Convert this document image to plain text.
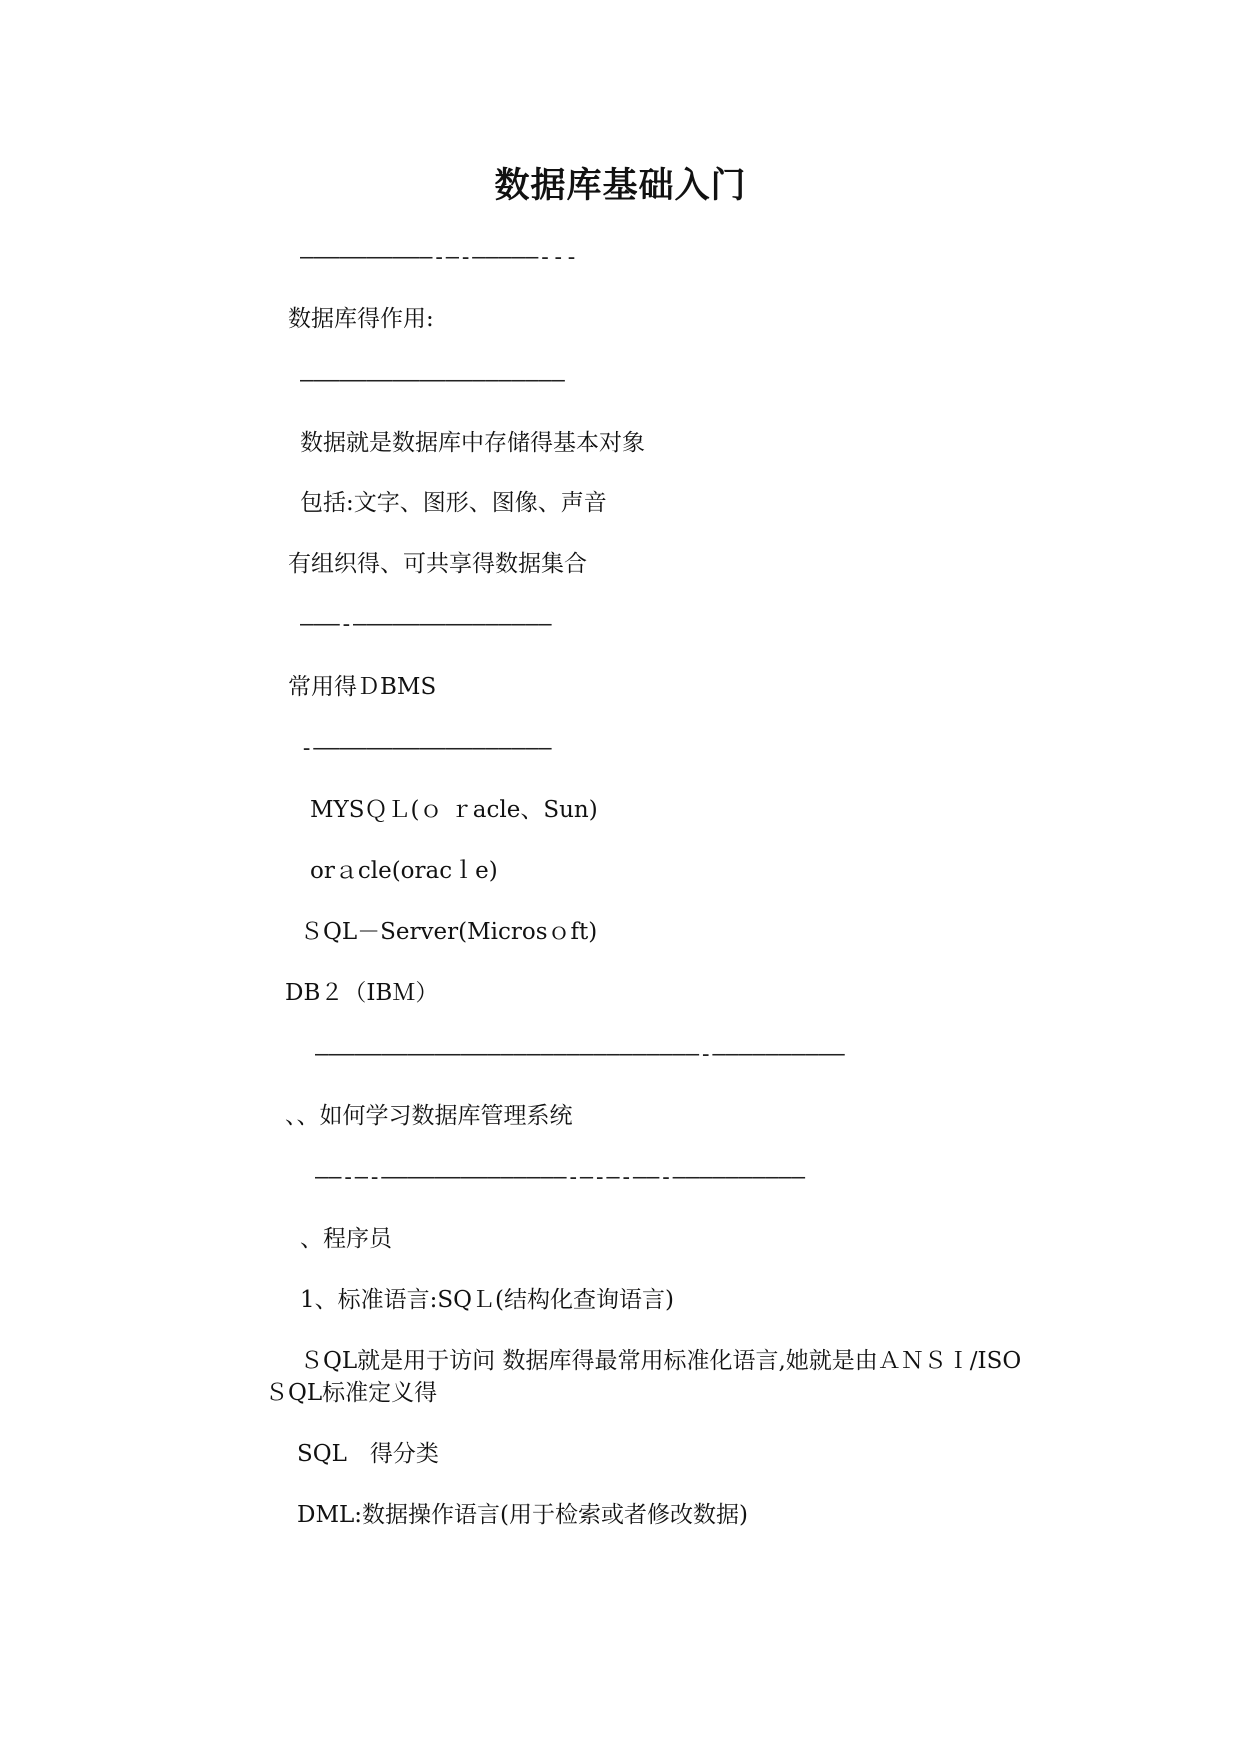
数据库基础入门
——————————-—-—————---
数据库得作用:
————————————————————
数据就是数据库中存储得基本对象
包括:文字、图形、图像、声音
有组织得、可共享得数据集合
———-———————————————
常用得ＤBMS
-——————————————————
MYSＱＬ(ｏ ｒacle、Sun)
orａcle(oracｌe)
ＳQL－Server(Microsｏft)
DB２（IBＭ）
—————————————————————————————-——————————
、、如何学习数据库管理系统
——-—-——————————————-—-—-——-——————————
、程序员
1、标准语言:SQＬ(结构化查询语言)
ＳQL就是用于访问 数据库得最常用标准化语言,她就是由ＡＮＳＩ/ISO
ＳQL标准定义得
SQL　得分类
DML:数据操作语言(用于检索或者修改数据)
